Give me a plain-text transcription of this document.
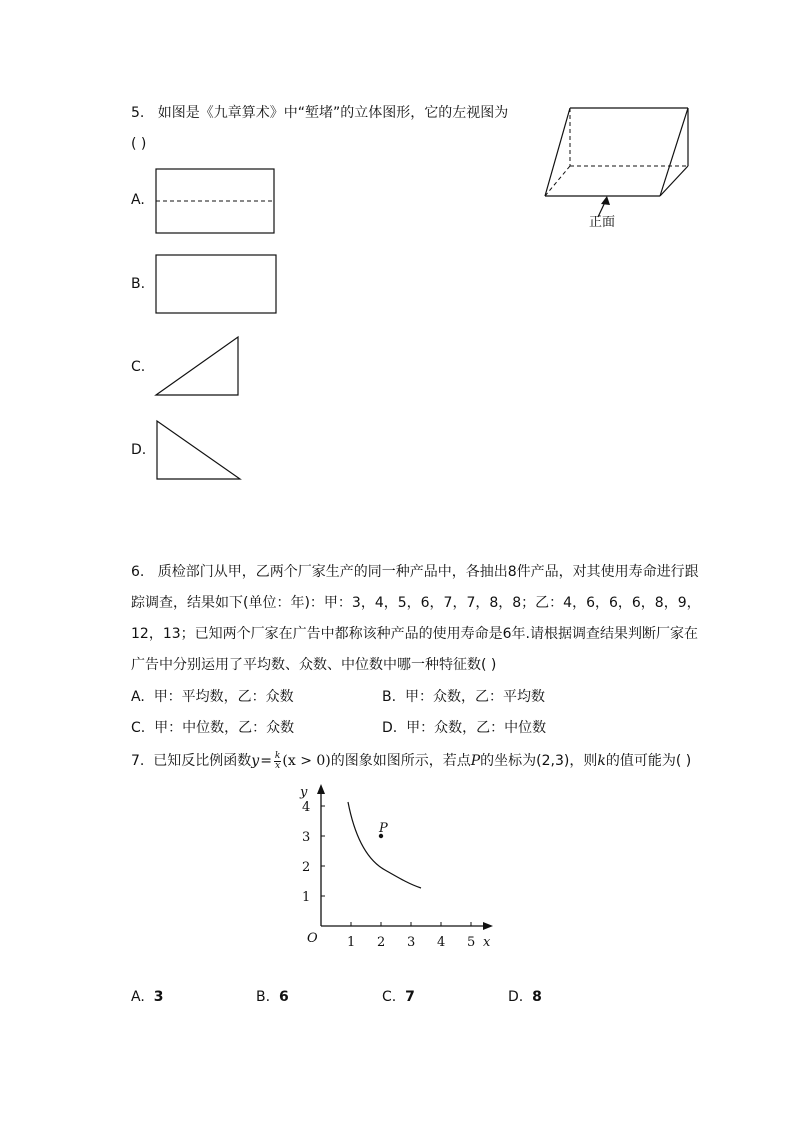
5. 如图是《九章算术》中“堑堵”的立体图形，它的左视图为
( )
正面
A.
B.
C.
D.
6. 质检部门从甲，乙两个厂家生产的同一种产品中，各抽出8件产品，对其使用寿命进行跟
踪调查，结果如下(单位：年)：甲：3，4，5，6，7，7，8，8；乙：4，6，6，6，8，9，
12，13；已知两个厂家在广告中都称该种产品的使用寿命是6年.请根据调查结果判断厂家在
广告中分别运用了平均数、众数、中位数中哪一种特征数( )
A. 甲：平均数，乙：众数	B. 甲：众数，乙：平均数
C. 甲：中位数，乙：众数	D. 甲：众数，乙：中位数
7.
已知反比例函数 $y = \frac{k}{x} (x > 0)$ 的图象如图所示，若点 P 的坐标为(2,3)，则 k 的值可能为( )
y
O
4
3
2
1
1 2 3 4 5 x
P
A. 3	B. 6	C. 7	D. 8
